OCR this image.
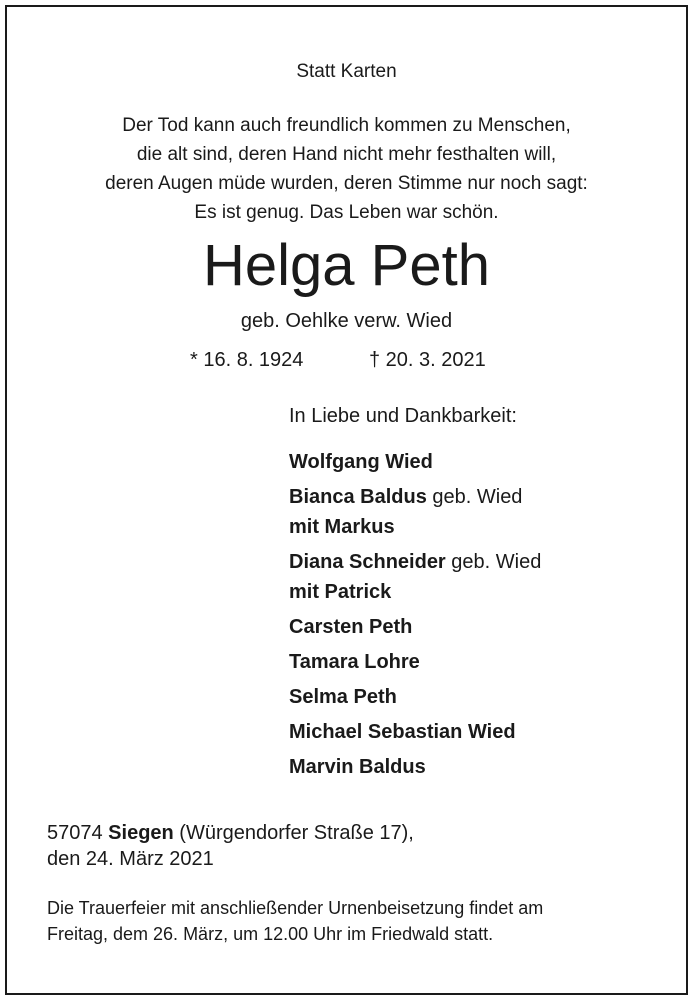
Statt Karten
Der Tod kann auch freundlich kommen zu Menschen,
die alt sind, deren Hand nicht mehr festhalten will,
deren Augen müde wurden, deren Stimme nur noch sagt:
Es ist genug. Das Leben war schön.
Helga Peth
geb. Oehlke verw. Wied
* 16. 8. 1924	† 20. 3. 2021
In Liebe und Dankbarkeit:
Wolfgang Wied
Bianca Baldus geb. Wied
mit Markus
Diana Schneider geb. Wied
mit Patrick
Carsten Peth
Tamara Lohre
Selma Peth
Michael Sebastian Wied
Marvin Baldus
57074 Siegen (Würgendorfer Straße 17),
den 24. März 2021
Die Trauerfeier mit anschließender Urnenbeisetzung findet am
Freitag, dem 26. März, um 12.00 Uhr im Friedwald statt.
